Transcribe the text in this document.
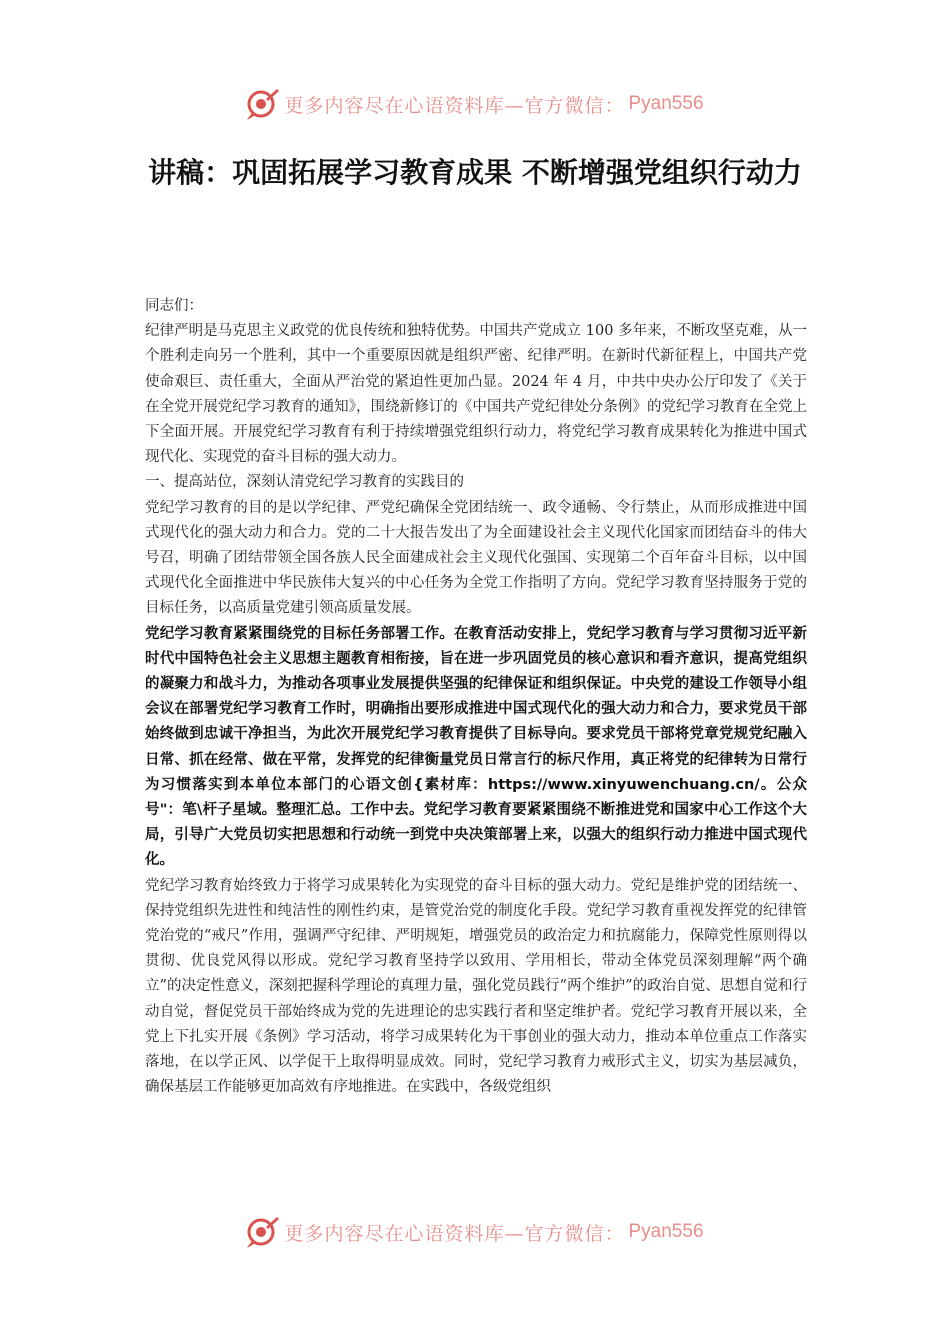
更多内容尽在心语资料库—官方微信： Pyan556
讲稿：巩固拓展学习教育成果 不断增强党组织行动力

同志们：

纪律严明是马克思主义政党的优良传统和独特优势。中国共产党成立 100 多年来，不断攻坚克难，从一个胜利走向另一个胜利，其中一个重要原因就是组织严密、纪律严明。在新时代新征程上，中国共产党使命艰巨、责任重大，全面从严治党的紧迫性更加凸显。2024 年 4 月，中共中央办公厅印发了《关于在全党开展党纪学习教育的通知》，围绕新修订的《中国共产党纪律处分条例》的党纪学习教育在全党上下全面开展。开展党纪学习教育有利于持续增强党组织行动力，将党纪学习教育成果转化为推进中国式现代化、实现党的奋斗目标的强大动力。

一、提高站位，深刻认清党纪学习教育的实践目的

党纪学习教育的目的是以学纪律、严党纪确保全党团结统一、政令通畅、令行禁止，从而形成推进中国式现代化的强大动力和合力。党的二十大报告发出了为全面建设社会主义现代化国家而团结奋斗的伟大号召，明确了团结带领全国各族人民全面建成社会主义现代化强国、实现第二个百年奋斗目标，以中国式现代化全面推进中华民族伟大复兴的中心任务为全党工作指明了方向。党纪学习教育坚持服务于党的目标任务，以高质量党建引领高质量发展。

党纪学习教育紧紧围绕党的目标任务部署工作。在教育活动安排上，党纪学习教育与学习贯彻习近平新时代中国特色社会主义思想主题教育相衔接，旨在进一步巩固党员的核心意识和看齐意识，提高党组织的凝聚力和战斗力，为推动各项事业发展提供坚强的纪律保证和组织保证。中央党的建设工作领导小组会议在部署党纪学习教育工作时，明确指出要形成推进中国式现代化的强大动力和合力，要求党员干部始终做到忠诚干净担当，为此次开展党纪学习教育提供了目标导向。要求党员干部将党章党规党纪融入日常、抓在经常、做在平常，发挥党的纪律衡量党员日常言行的标尺作用，真正将党的纪律转为日常行为习惯落实到本单位本部门的心语文创{素材库：https://www.xinyuwenchuang.cn/。公众号"：笔\杆子星域。整理汇总。工作中去。党纪学习教育要紧紧围绕不断推进党和国家中心工作这个大局，引导广大党员切实把思想和行动统一到党中央决策部署上来，以强大的组织行动力推进中国式现代化。

党纪学习教育始终致力于将学习成果转化为实现党的奋斗目标的强大动力。党纪是维护党的团结统一、保持党组织先进性和纯洁性的刚性约束，是管党治党的制度化手段。党纪学习教育重视发挥党的纪律管党治党的“戒尺”作用，强调严守纪律、严明规矩，增强党员的政治定力和抗腐能力，保障党性原则得以贯彻、优良党风得以形成。党纪学习教育坚持学以致用、学用相长，带动全体党员深刻理解“两个确立”的决定性意义，深刻把握科学理论的真理力量，强化党员践行“两个维护”的政治自觉、思想自觉和行动自觉，督促党员干部始终成为党的先进理论的忠实践行者和坚定维护者。党纪学习教育开展以来，全党上下扎实开展《条例》学习活动，将学习成果转化为干事创业的强大动力，推动本单位重点工作落实落地，在以学正风、以学促干上取得明显成效。同时，党纪学习教育力戒形式主义，切实为基层减负，确保基层工作能够更加高效有序地推进。在实践中，各级党组织

更多内容尽在心语资料库—官方微信： Pyan556
